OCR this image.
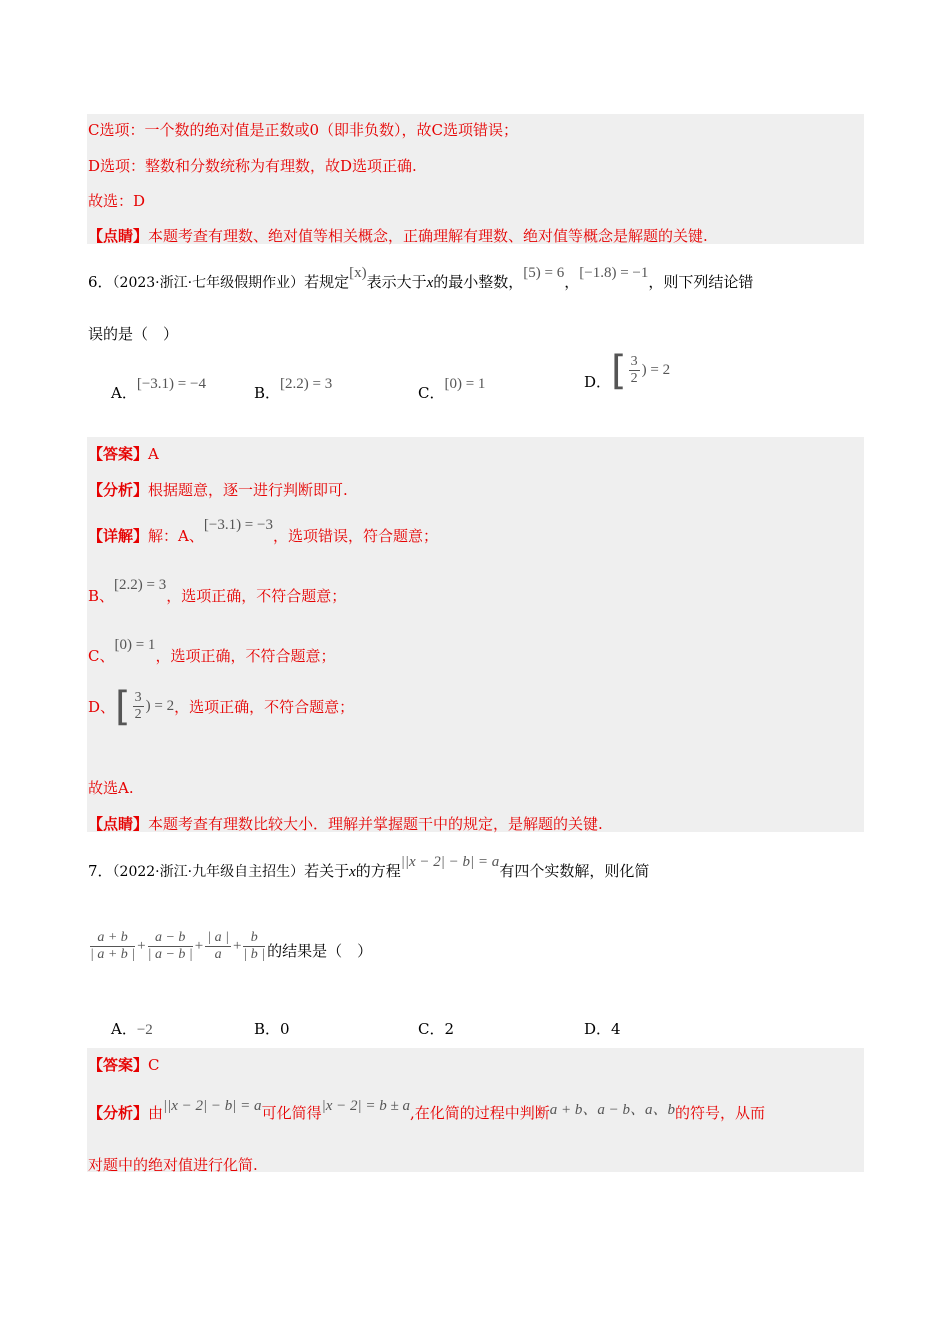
C选项：一个数的绝对值是正数或0（即非负数），故C选项错误；
D选项：整数和分数统称为有理数，故D选项正确.
故选：D
【点睛】本题考查有理数、绝对值等相关概念，正确理解有理数、绝对值等概念是解题的关键.
6．（2023·浙江·七年级假期作业）若规定[x)表示大于x的最小整数，[5) = 6，[−1.8) = −1，则下列结论错
误的是（　）
A．[−3.1) = −4	B．[2.2) = 3	C．[0) = 1	D．[ $\frac{3}{2}$ ) = 2
【答案】A
【分析】根据题意，逐一进行判断即可.
【详解】解：A、[−3.1) = −3，选项错误，符合题意；
B、[2.2) = 3，选项正确，不符合题意；
C、[0) = 1，选项正确，不符合题意；
D、[ $\frac{3}{2}$ ) = 2，选项正确，不符合题意；
故选A.
【点睛】本题考查有理数比较大小．理解并掌握题干中的规定，是解题的关键.
7．（2022·浙江·九年级自主招生）若关于x的方程||x − 2| − b| = a有四个实数解，则化简
$\frac{a + b}{| a + b |} + \frac{a - b}{| a - b |} + \frac{| a |}{a} + \frac{b}{| b |}$ 的结果是（　）
A．−2	B．0	C．2	D．4
【答案】C
【分析】由||x − 2| − b| = a可化简得|x − 2| = b ± a,在化简的过程中判断a + b、a − b、a、b的符号，从而
对题中的绝对值进行化简.
